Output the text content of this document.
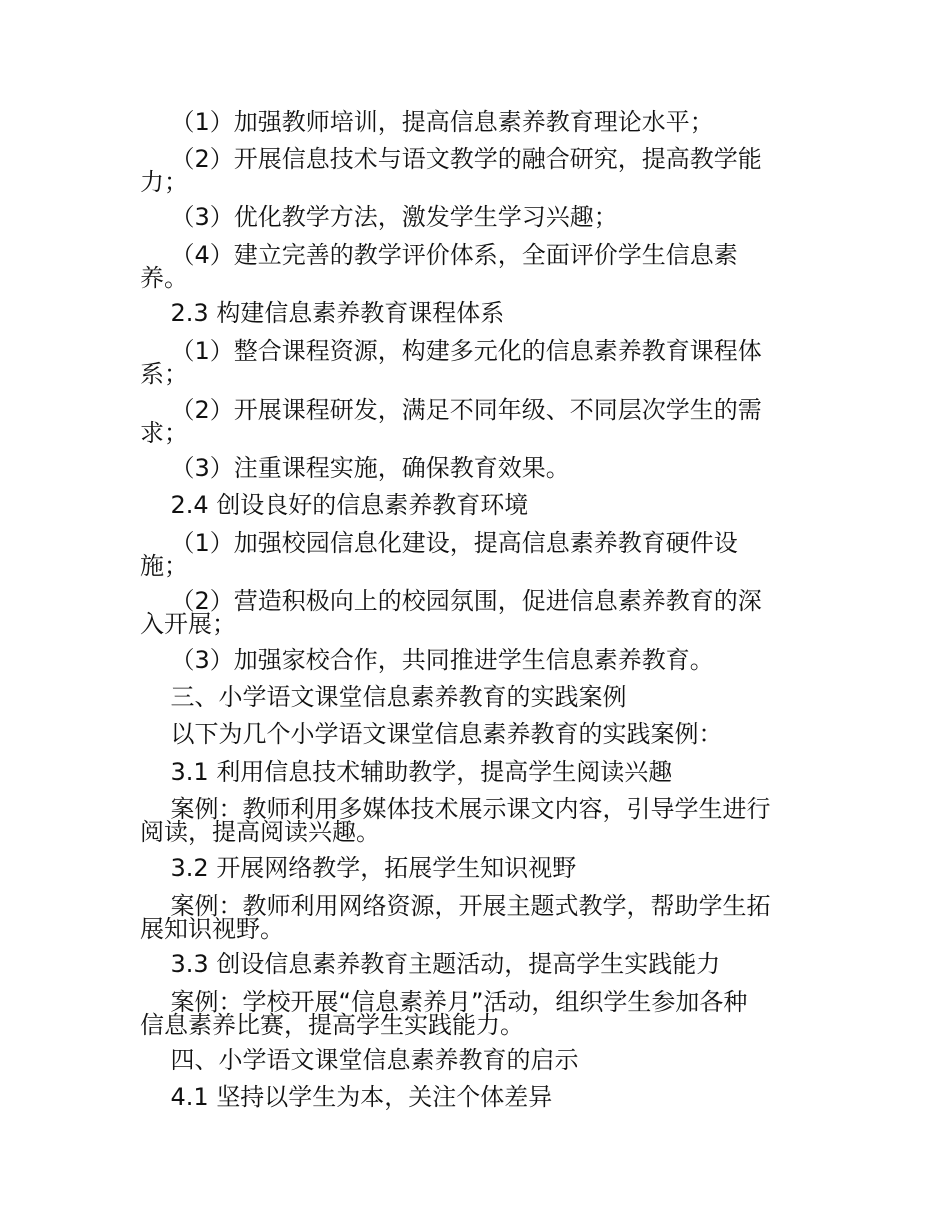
（1）加强教师培训，提高信息素养教育理论水平；
（2）开展信息技术与语文教学的融合研究，提高教学能
力；
（3）优化教学方法，激发学生学习兴趣；
（4）建立完善的教学评价体系，全面评价学生信息素
养。
2.3 构建信息素养教育课程体系
（1）整合课程资源，构建多元化的信息素养教育课程体
系；
（2）开展课程研发，满足不同年级、不同层次学生的需
求；
（3）注重课程实施，确保教育效果。
2.4 创设良好的信息素养教育环境
（1）加强校园信息化建设，提高信息素养教育硬件设
施；
（2）营造积极向上的校园氛围，促进信息素养教育的深
入开展；
（3）加强家校合作，共同推进学生信息素养教育。
三、小学语文课堂信息素养教育的实践案例
以下为几个小学语文课堂信息素养教育的实践案例：
3.1 利用信息技术辅助教学，提高学生阅读兴趣
案例：教师利用多媒体技术展示课文内容，引导学生进行
阅读，提高阅读兴趣。
3.2 开展网络教学，拓展学生知识视野
案例：教师利用网络资源，开展主题式教学，帮助学生拓
展知识视野。
3.3 创设信息素养教育主题活动，提高学生实践能力
案例：学校开展“信息素养月”活动，组织学生参加各种
信息素养比赛，提高学生实践能力。
四、小学语文课堂信息素养教育的启示
4.1 坚持以学生为本，关注个体差异
